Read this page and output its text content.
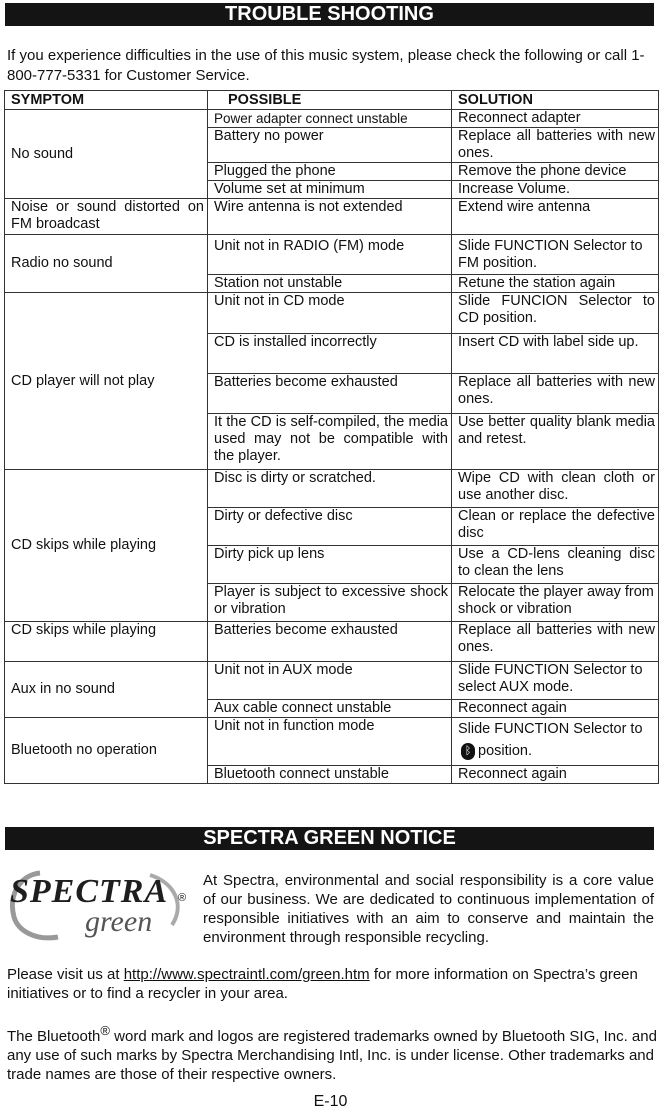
TROUBLE SHOOTING
If you experience difficulties in the use of this music system, please check the following or call 1-800-777-5331 for Customer Service.
SYMPTOM	POSSIBLE	SOLUTION
No sound	Power adapter connect unstable	Reconnect adapter
	Battery no power	Replace all batteries with new ones.
	Plugged the phone	Remove the phone device
	Volume set at minimum	Increase Volume.
Noise or sound distorted on FM broadcast	Wire antenna is not extended	Extend wire antenna
Radio no sound	Unit not in RADIO (FM) mode	Slide FUNCTION Selector to FM position.
	Station not unstable	Retune the station again
CD player will not play	Unit not in CD mode	Slide FUNCION Selector to CD position.
	CD is installed incorrectly	Insert CD with label side up.
	Batteries become exhausted	Replace all batteries with new ones.
	It the CD is self-compiled, the media used may not be compatible with the player.	Use better quality blank media and retest.
CD skips while playing	Disc is dirty or scratched.	Wipe CD with clean cloth or use another disc.
	Dirty or defective disc	Clean or replace the defective disc
	Dirty pick up lens	Use a CD-lens cleaning disc to clean the lens
	Player is subject to excessive shock or vibration	Relocate the player away from shock or vibration
CD skips while playing	Batteries become exhausted	Replace all batteries with new ones.
Aux in no sound	Unit not in AUX mode	Slide FUNCTION Selector to select AUX mode.
	Aux cable connect unstable	Reconnect again
Bluetooth no operation	Unit not in function mode	Slide FUNCTION Selector to ᛒ position.
	Bluetooth connect unstable	Reconnect again
SPECTRA GREEN NOTICE
SPECTRA ®
green
At Spectra, environmental and social responsibility is a core value of our business. We are dedicated to continuous implementation of responsible initiatives with an aim to conserve and maintain the environment through responsible recycling.
Please visit us at http://www.spectraintl.com/green.htm for more information on Spectra’s green initiatives or to find a recycler in your area.
The Bluetooth® word mark and logos are registered trademarks owned by Bluetooth SIG, Inc. and any use of such marks by Spectra Merchandising Intl, Inc. is under license. Other trademarks and trade names are those of their respective owners.
E-10
